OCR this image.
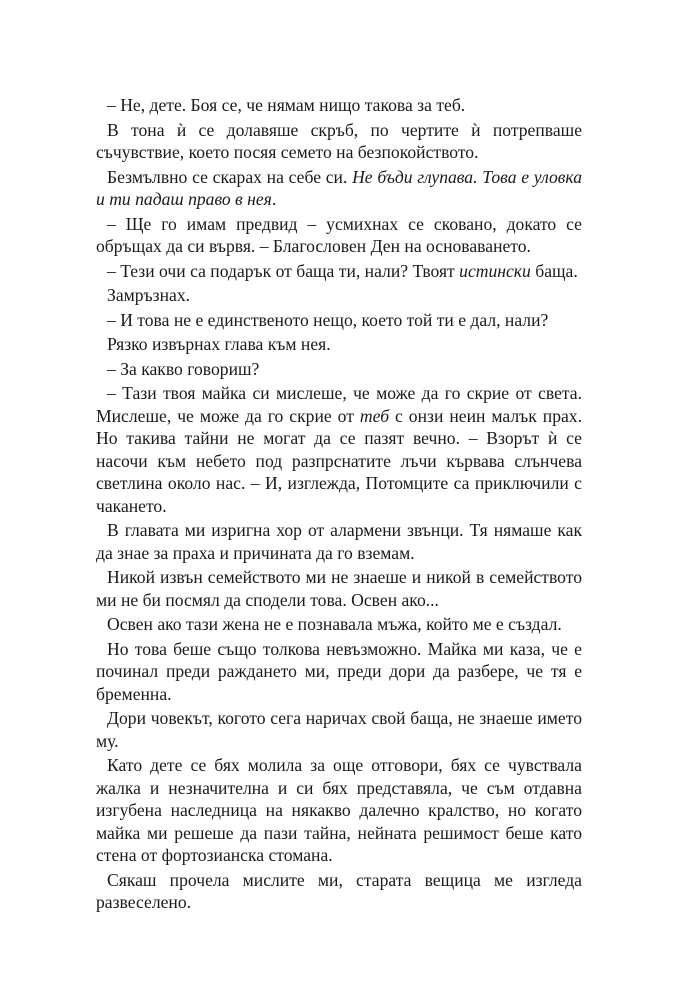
– Не, дете. Боя се, че нямам нищо такова за теб.

В тона ѝ се долавяше скръб, по чертите ѝ потрепваше съчувствие, което посяя семето на безпокойството.

Безмълвно се скарах на себе си. Не бъди глупава. Това е уловка и ти падаш право в нея.

– Ще го имам предвид – усмихнах се сковано, докато се обръщах да си вървя. – Благословен Ден на основаването.

– Тези очи са подарък от баща ти, нали? Твоят истински баща.

Замръзнах.

– И това не е единственото нещо, което той ти е дал, нали?

Рязко извърнах глава към нея.

– За какво говориш?

– Тази твоя майка си мислеше, че може да го скрие от света. Мислеше, че може да го скрие от теб с онзи неин малък прах. Но такива тайни не могат да се пазят вечно. – Взорът ѝ се насочи към небето под разпрснатите лъчи кървава слънчева светлина около нас. – И, изглежда, Потомците са приключили с чакането.

В главата ми изригна хор от алармени звънци. Тя нямаше как да знае за праха и причината да го вземам.

Никой извън семейството ми не знаеше и никой в семейството ми не би посмял да сподели това. Освен ако...

Освен ако тази жена не е познавала мъжа, който ме е създал.

Но това беше също толкова невъзможно. Майка ми каза, че е починал преди раждането ми, преди дори да разбере, че тя е бременна.

Дори човекът, когото сега наричах свой баща, не знаеше името му.

Като дете се бях молила за още отговори, бях се чувствала жалка и незначителна и си бях представяла, че съм отдавна изгубена наследница на някакво далечно кралство, но когато майка ми решеше да пази тайна, нейната решимост беше като стена от фортозианска стомана.

Сякаш прочела мислите ми, старата вещица ме изгледа развеселено.
